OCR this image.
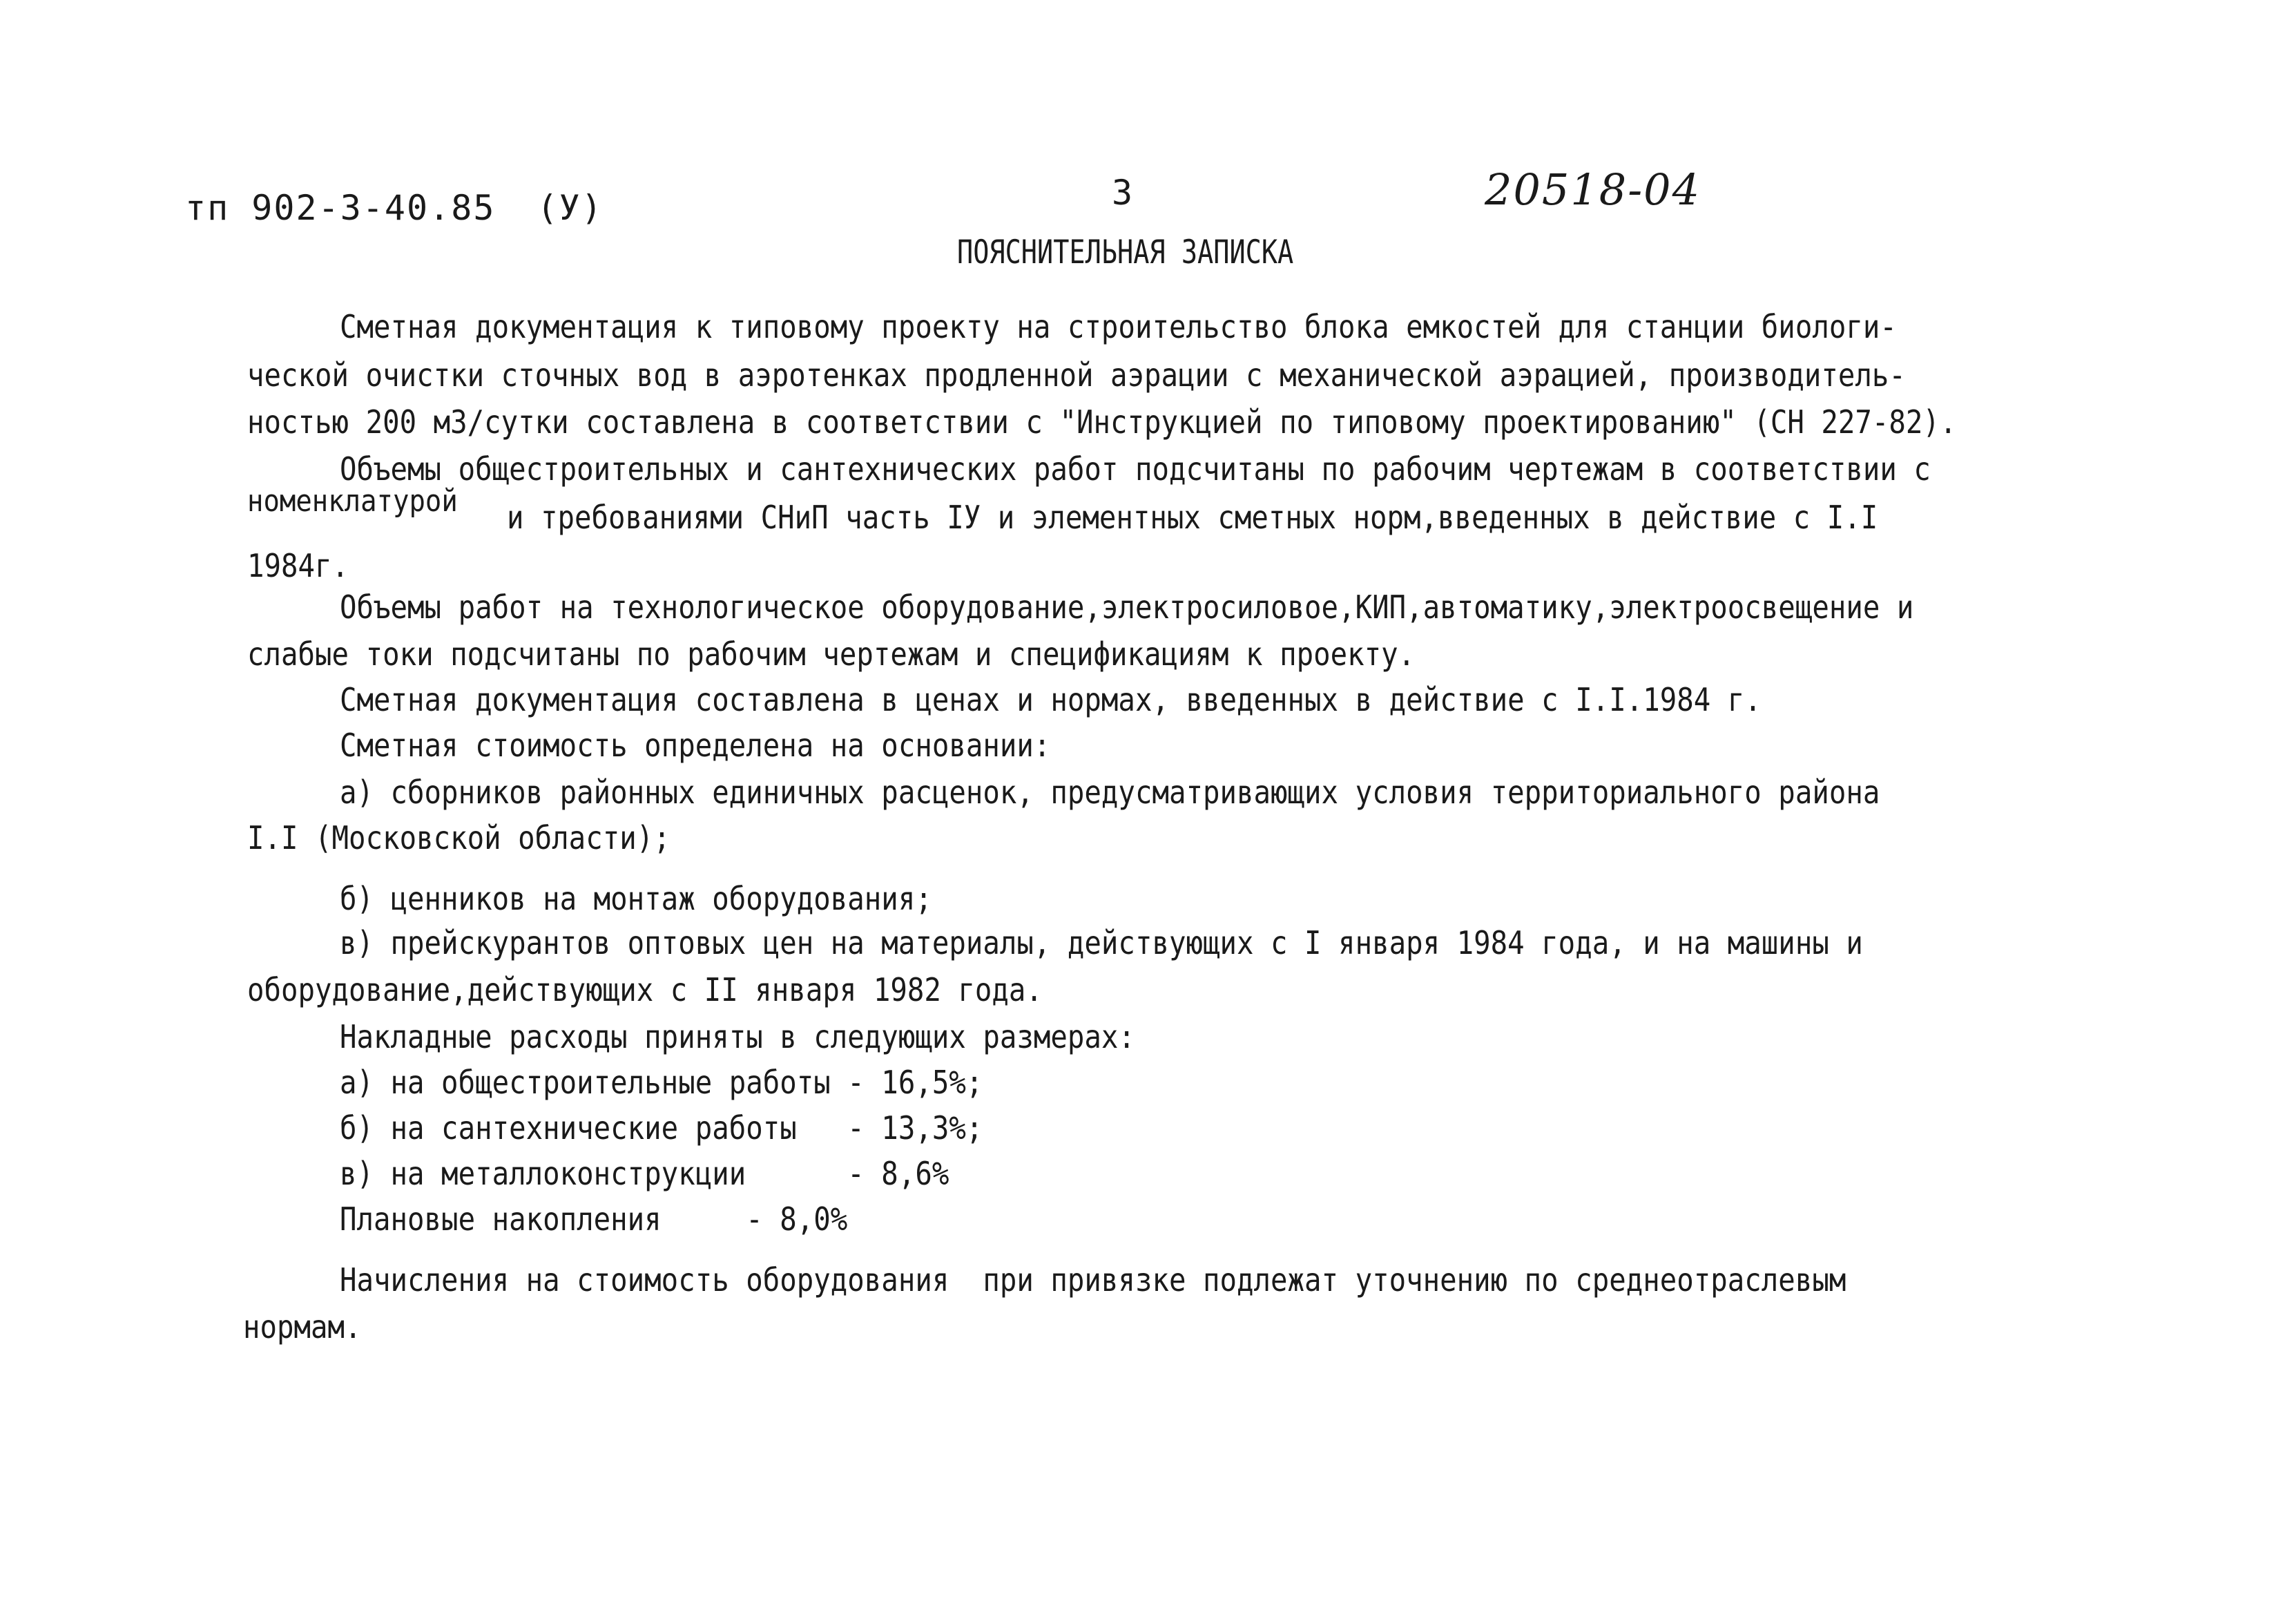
тп 902-3-40.85 (У)	3	20518-04
ПОЯСНИТЕЛЬНАЯ ЗАПИСКА
Сметная документация к типовому проекту на строительство блока емкостей для станции биологи-
ческой очистки сточных вод в аэротенках продленной аэрации с механической аэрацией, производитель-
ностью 200 м3/сутки составлена в соответствии с "Инструкцией по типовому проектированию" (СН 227-82).
Объемы общестроительных и сантехнических работ подсчитаны по рабочим чертежам в соответствии с
номенклатурой и требованиями СНиП часть IУ и элементных сметных норм,введенных в действие с I.I
1984г.
Объемы работ на технологическое оборудование,электросиловое,КИП,автоматику,электроосвещение и
слабые токи подсчитаны по рабочим чертежам и спецификациям к проекту.
Сметная документация составлена в ценах и нормах, введенных в действие с I.I.1984 г.
Сметная стоимость определена на основании:
а) сборников районных единичных расценок, предусматривающих условия территориального района
I.I (Московской области);
б) ценников на монтаж оборудования;
в) прейскурантов оптовых цен на материалы, действующих с I января 1984 года, и на машины и
оборудование,действующих с II января 1982 года.
Накладные расходы приняты в следующих размерах:
а) на общестроительные работы - 16,5%;
б) на сантехнические работы   - 13,3%;
в) на металлоконструкции      - 8,6%
Плановые накопления     - 8,0%
Начисления на стоимость оборудования  при привязке подлежат уточнению по среднеотраслевым
нормам.
